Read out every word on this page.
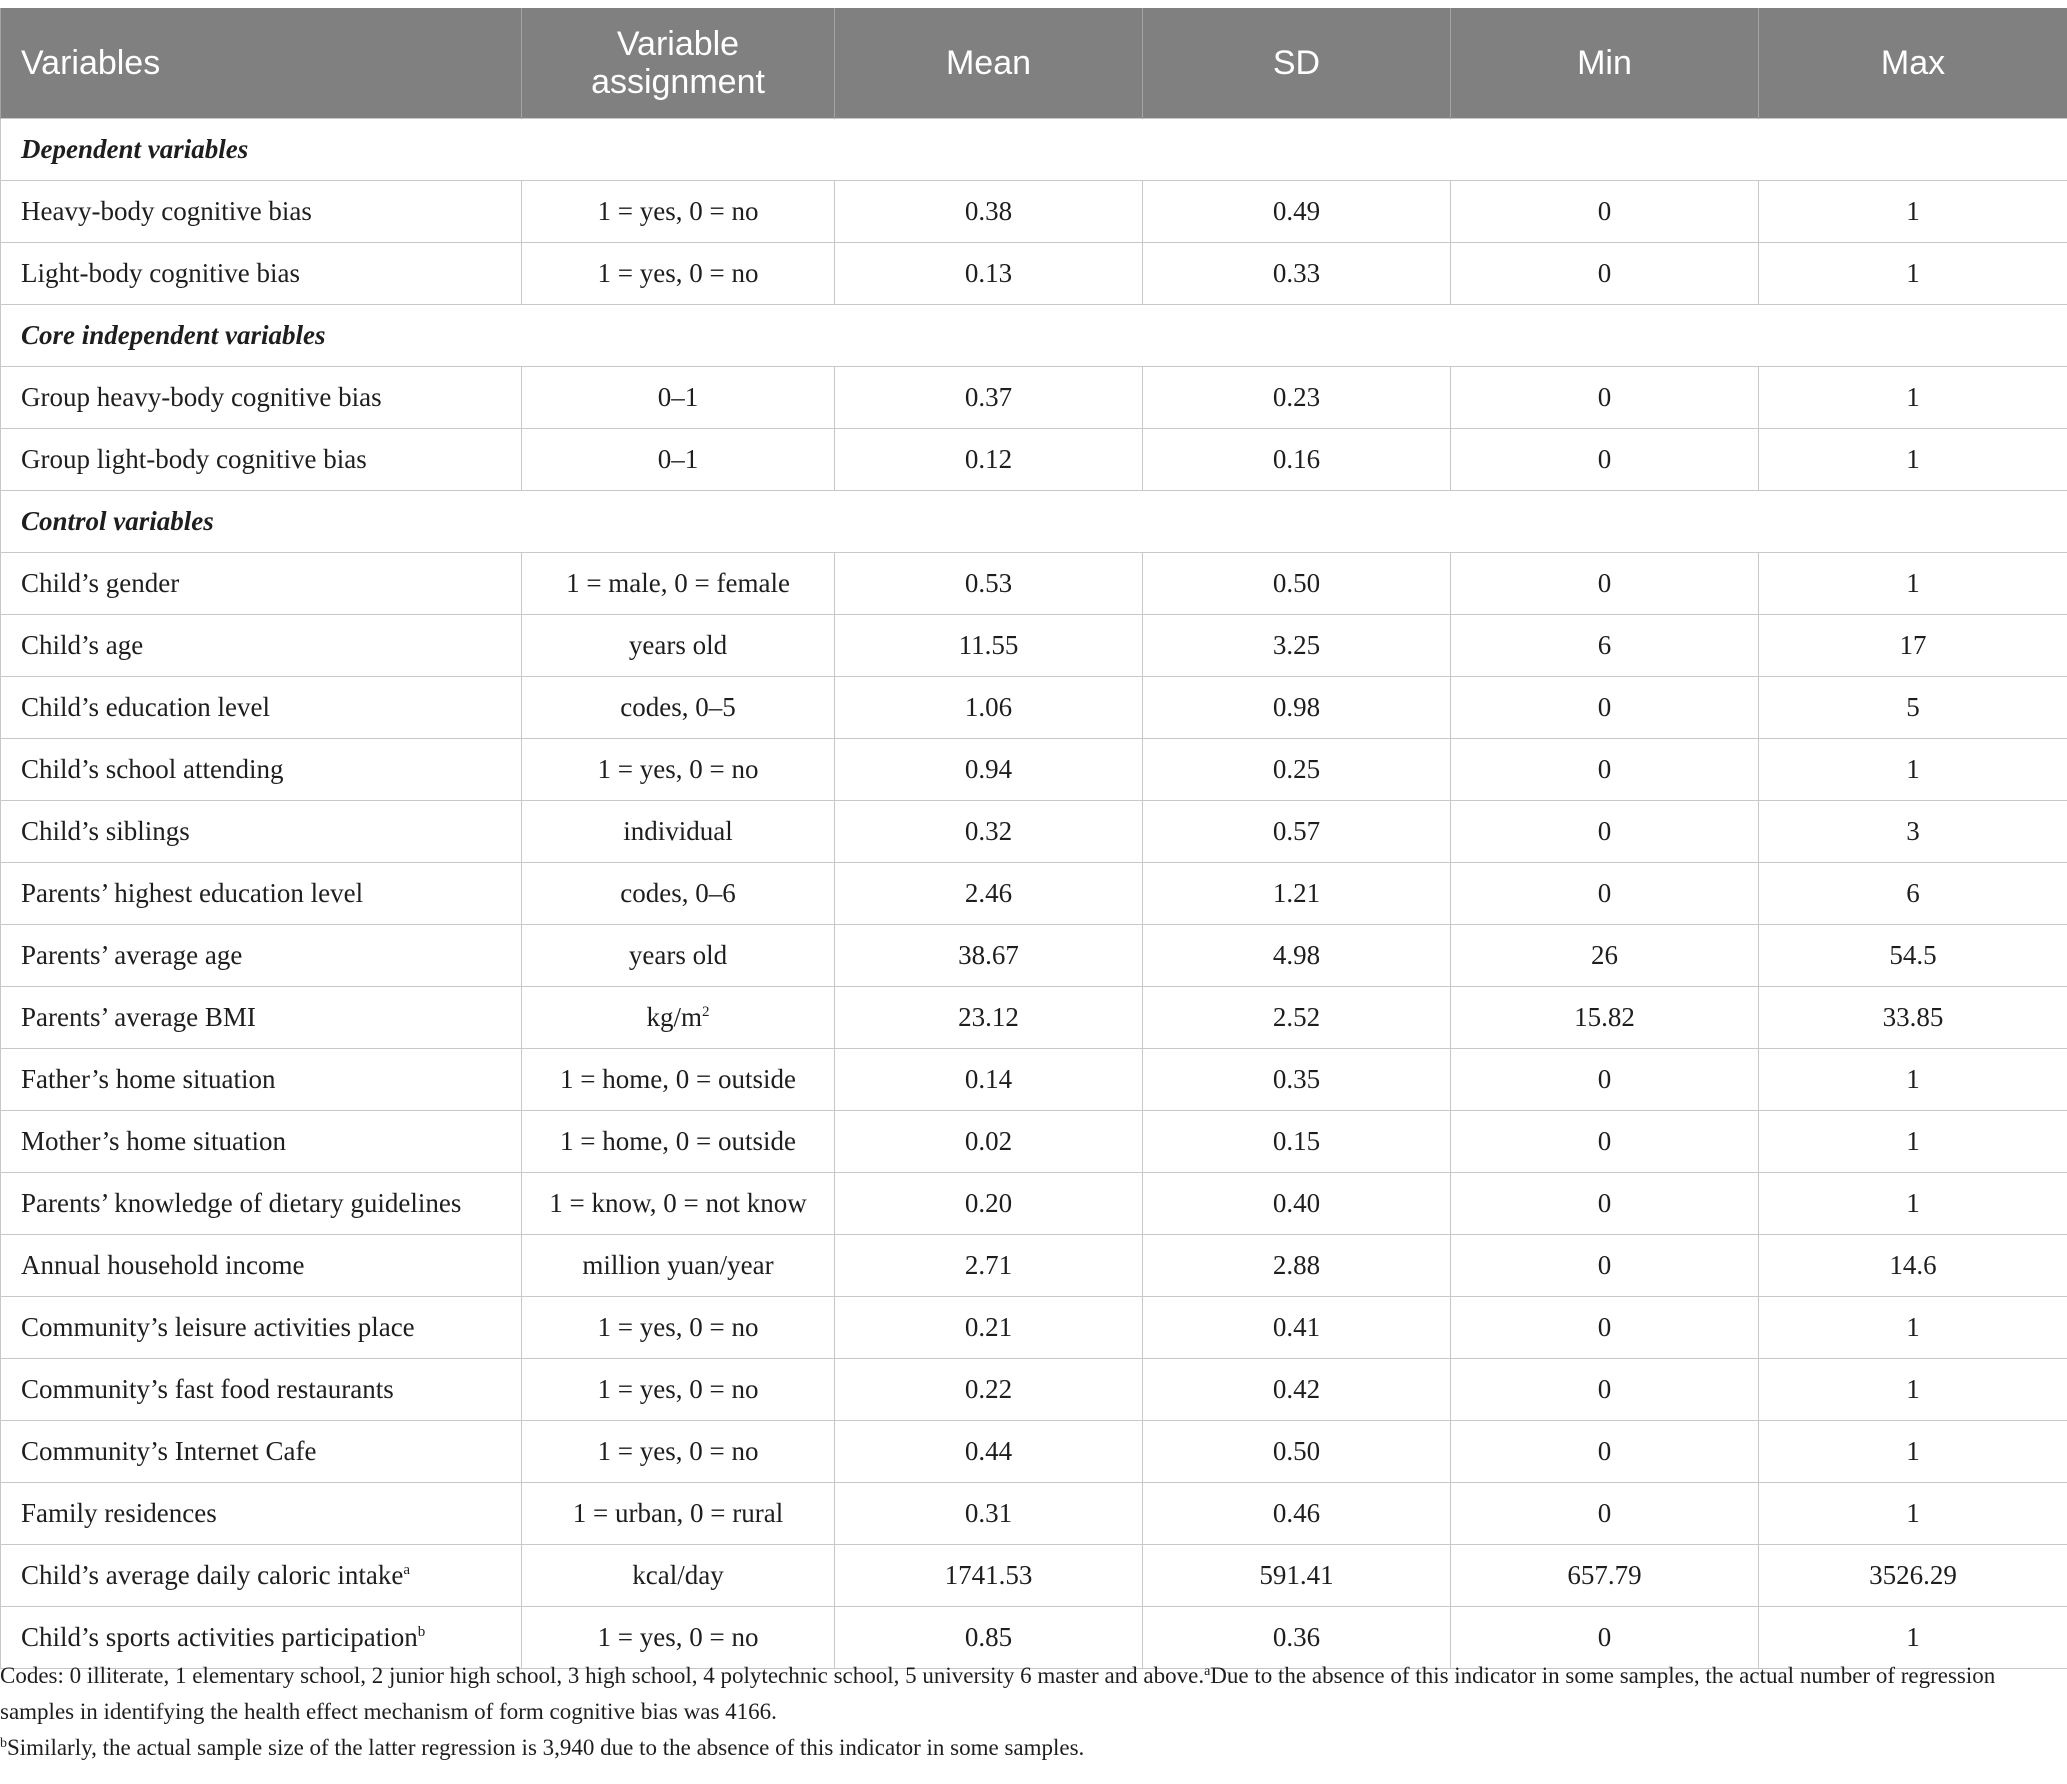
Variables	Variable assignment	Mean	SD	Min	Max
Dependent variables					
Heavy-body cognitive bias	1 = yes, 0 = no	0.38	0.49	0	1
Light-body cognitive bias	1 = yes, 0 = no	0.13	0.33	0	1
Core independent variables					
Group heavy-body cognitive bias	0–1	0.37	0.23	0	1
Group light-body cognitive bias	0–1	0.12	0.16	0	1
Control variables					
Child’s gender	1 = male, 0 = female	0.53	0.50	0	1
Child’s age	years old	11.55	3.25	6	17
Child’s education level	codes, 0–5	1.06	0.98	0	5
Child’s school attending	1 = yes, 0 = no	0.94	0.25	0	1
Child’s siblings	individual	0.32	0.57	0	3
Parents’ highest education level	codes, 0–6	2.46	1.21	0	6
Parents’ average age	years old	38.67	4.98	26	54.5
Parents’ average BMI	$kg/m^2$	23.12	2.52	15.82	33.85
Father’s home situation	1 = home, 0 = outside	0.14	0.35	0	1
Mother’s home situation	1 = home, 0 = outside	0.02	0.15	0	1
Parents’ knowledge of dietary guidelines	1 = know, 0 = not know	0.20	0.40	0	1
Annual household income	million yuan/year	2.71	2.88	0	14.6
Community’s leisure activities place	1 = yes, 0 = no	0.21	0.41	0	1
Community’s fast food restaurants	1 = yes, 0 = no	0.22	0.42	0	1
Community’s Internet Cafe	1 = yes, 0 = no	0.44	0.50	0	1
Family residences	1 = urban, 0 = rural	0.31	0.46	0	1
Child’s average daily caloric intake$^a$	kcal/day	1741.53	591.41	657.79	3526.29
Child’s sports activities participation$^b$	1 = yes, 0 = no	0.85	0.36	0	1

Codes: 0 illiterate, 1 elementary school, 2 junior high school, 3 high school, 4 polytechnic school, 5 university 6 master and above.$^a$Due to the absence of this indicator in some samples, the actual number of regression samples in identifying the health effect mechanism of form cognitive bias was 4166.

$^b$Similarly, the actual sample size of the latter regression is 3,940 due to the absence of this indicator in some samples.
